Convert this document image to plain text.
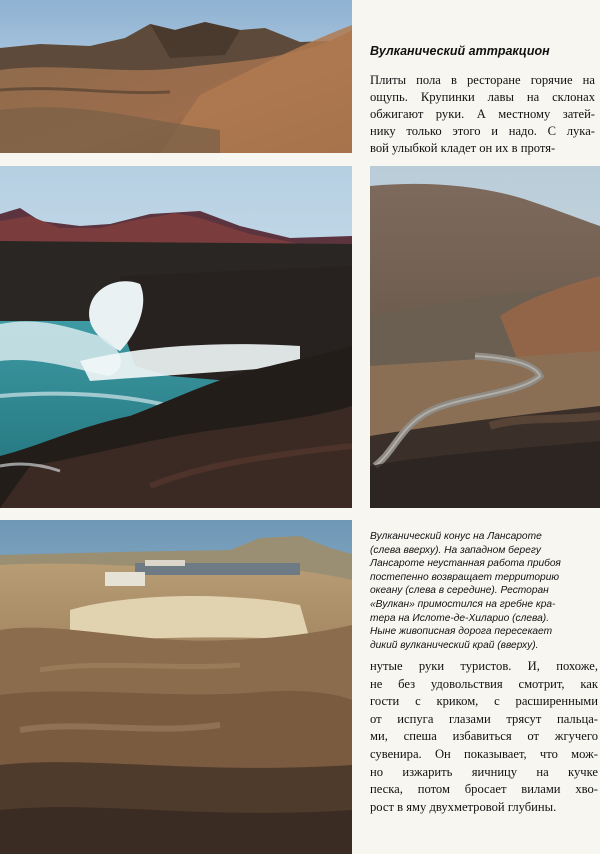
Вулканический аттракцион

Плиты пола в ресторане горячие на
ощупь. Крупинки лавы на склонах
обжигают руки. А местному затей-
нику только этого и надо. С лука-
вой улыбкой кладет он их в протя-

Вулканический конус на Лансароте
(слева вверху). На западном берегу
Лансароте неустанная работа прибоя
постепенно возвращает территорию
океану (слева в середине). Ресторан
«Вулкан» примостился на гребне кра-
тера на Ислоте-де-Хиларио (слева).
Ныне живописная дорога пересекает
дикий вулканический край (вверху).

нутые руки туристов. И, похоже,
не без удовольствия смотрит, как
гости с криком, с расширенными
от испуга глазами трясут пальца-
ми, спеша избавиться от жгучего
сувенира. Он показывает, что мож-
но изжарить яичницу на кучке
песка, потом бросает вилами хво-
рост в яму двухметровой глубины.
